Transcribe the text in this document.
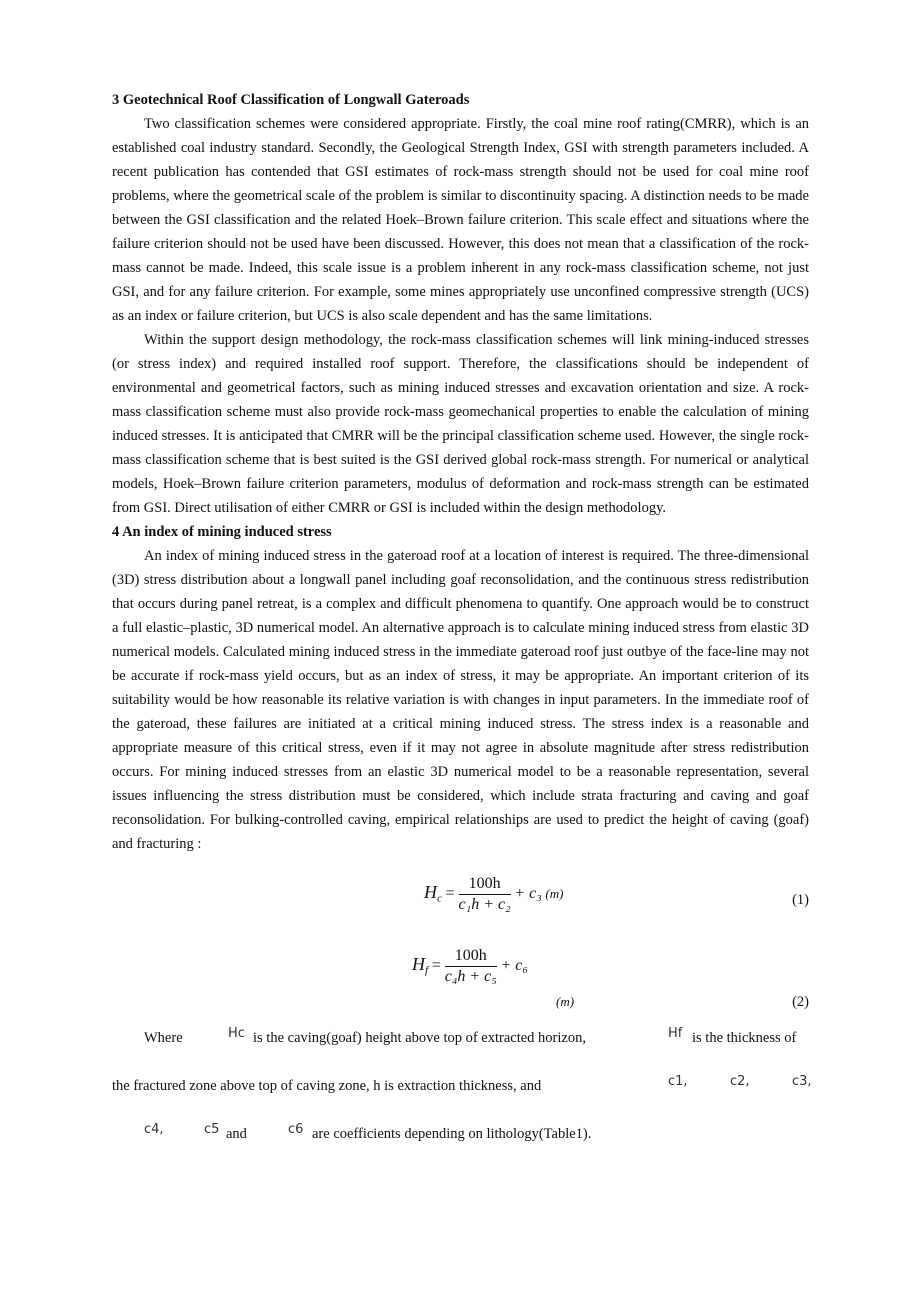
3 Geotechnical Roof Classification of Longwall Gateroads

Two classification schemes were considered appropriate. Firstly, the coal mine roof rating(CMRR), which is an established coal industry standard. Secondly, the Geological Strength Index, GSI with strength parameters included. A recent publication has contended that GSI estimates of rock-mass strength should not be used for coal mine roof problems, where the geometrical scale of the problem is similar to discontinuity spacing. A distinction needs to be made between the GSI classification and the related Hoek–Brown failure criterion. This scale effect and situations where the failure criterion should not be used have been discussed. However, this does not mean that a classification of the rock-mass cannot be made. Indeed, this scale issue is a problem inherent in any rock-mass classification scheme, not just GSI, and for any failure criterion. For example, some mines appropriately use unconfined compressive strength (UCS) as an index or failure criterion, but UCS is also scale dependent and has the same limitations.

Within the support design methodology, the rock-mass classification schemes will link mining-induced stresses (or stress index) and required installed roof support. Therefore, the classifications should be independent of environmental and geometrical factors, such as mining induced stresses and excavation orientation and size. A rock-mass classification scheme must also provide rock-mass geomechanical properties to enable the calculation of mining induced stresses. It is anticipated that CMRR will be the principal classification scheme used. However, the single rock-mass classification scheme that is best suited is the GSI derived global rock-mass strength. For numerical or analytical models, Hoek–Brown failure criterion parameters, modulus of deformation and rock-mass strength can be estimated from GSI. Direct utilisation of either CMRR or GSI is included within the design methodology.

4 An index of mining induced stress

An index of mining induced stress in the gateroad roof at a location of interest is required. The three-dimensional (3D) stress distribution about a longwall panel including goaf reconsolidation, and the continuous stress redistribution that occurs during panel retreat, is a complex and difficult phenomena to quantify. One approach would be to construct a full elastic–plastic, 3D numerical model. An alternative approach is to calculate mining induced stress from elastic 3D numerical models. Calculated mining induced stress in the immediate gateroad roof just outbye of the face-line may not be accurate if rock-mass yield occurs, but as an index of stress, it may be appropriate. An important criterion of its suitability would be how reasonable its relative variation is with changes in input parameters. In the immediate roof of the gateroad, these failures are initiated at a critical mining induced stress. The stress index is a reasonable and appropriate measure of this critical stress, even if it may not agree in absolute magnitude after stress redistribution occurs. For mining induced stresses from an elastic 3D numerical model to be a reasonable representation, several issues influencing the stress distribution must be considered, which include strata fracturing and caving and goaf reconsolidation. For bulking-controlled caving, empirical relationships are used to predict the height of caving (goaf) and fracturing :

$H_c = \frac{100h}{\text{c₁h + c₂}} + c_3$ (m)	(1)
$H_f = \frac{100h}{\text{c₄h + c₅}} + c_6$
(m)	(2)
Where	Hc is the caving(goaf) height above top of extracted horizon,	Hf is the thickness of
the fractured zone above top of caving zone, h is extraction thickness, and	c1,	c2,	c3,
c4,	c5 and	c6 are coefficients depending on lithology(Table1).
